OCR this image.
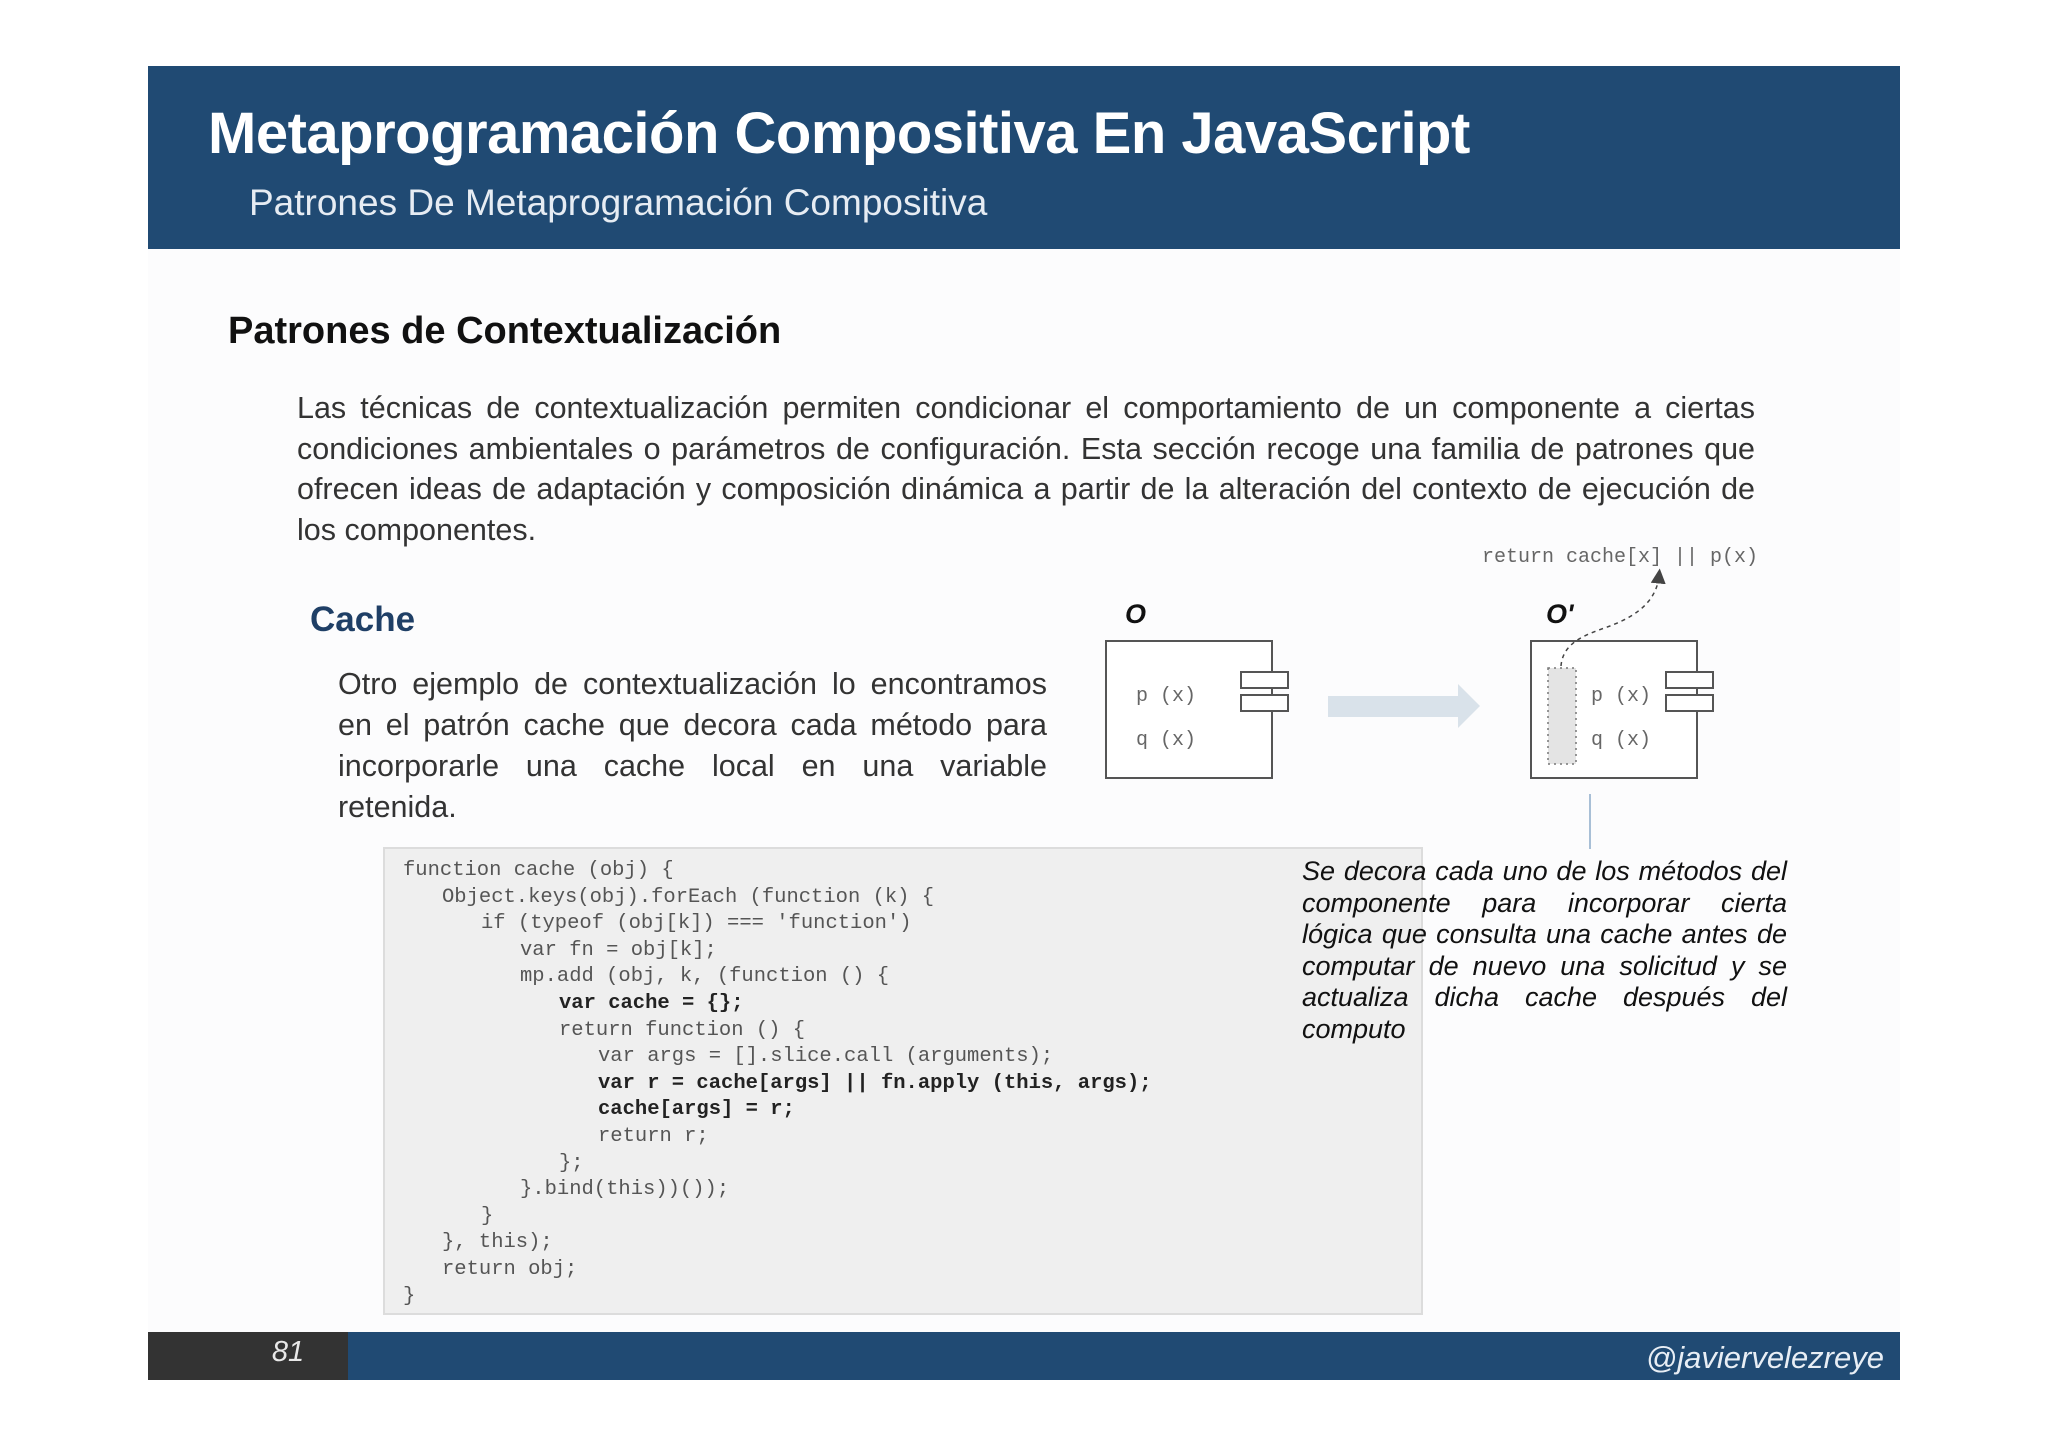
Metaprogramación Compositiva En JavaScript
Patrones De Metaprogramación Compositiva
Patrones de Contextualización
Las técnicas de contextualización permiten condicionar el comportamiento de un componente a ciertas condiciones ambientales o parámetros de configuración. Esta sección recoge una familia de patrones que ofrecen ideas de adaptación y composición dinámica a partir de la alteración del contexto de ejecución de los componentes.
Cache
Otro ejemplo de contextualización lo encontramos en el patrón cache que decora cada método para incorporarle una cache local en una variable retenida.
function cache (obj) {
Object.keys(obj).forEach (function (k) {
if (typeof (obj[k]) === 'function')
var fn = obj[k];
mp.add (obj, k, (function () {
var cache = {};
return function () {
var args = [].slice.call (arguments);
var r = cache[args] || fn.apply (this, args);
cache[args] = r;
return r;
};
}.bind(this))());
}
}, this);
return obj;
}
O
p (x)
q (x)
O'
p (x)
q (x)
return cache[x] || p(x)
Se decora cada uno de los métodos del componente para incorporar cierta lógica que consulta una cache antes de computar de nuevo una solicitud y se actualiza dicha cache después del computo
81	@javiervelezreye
